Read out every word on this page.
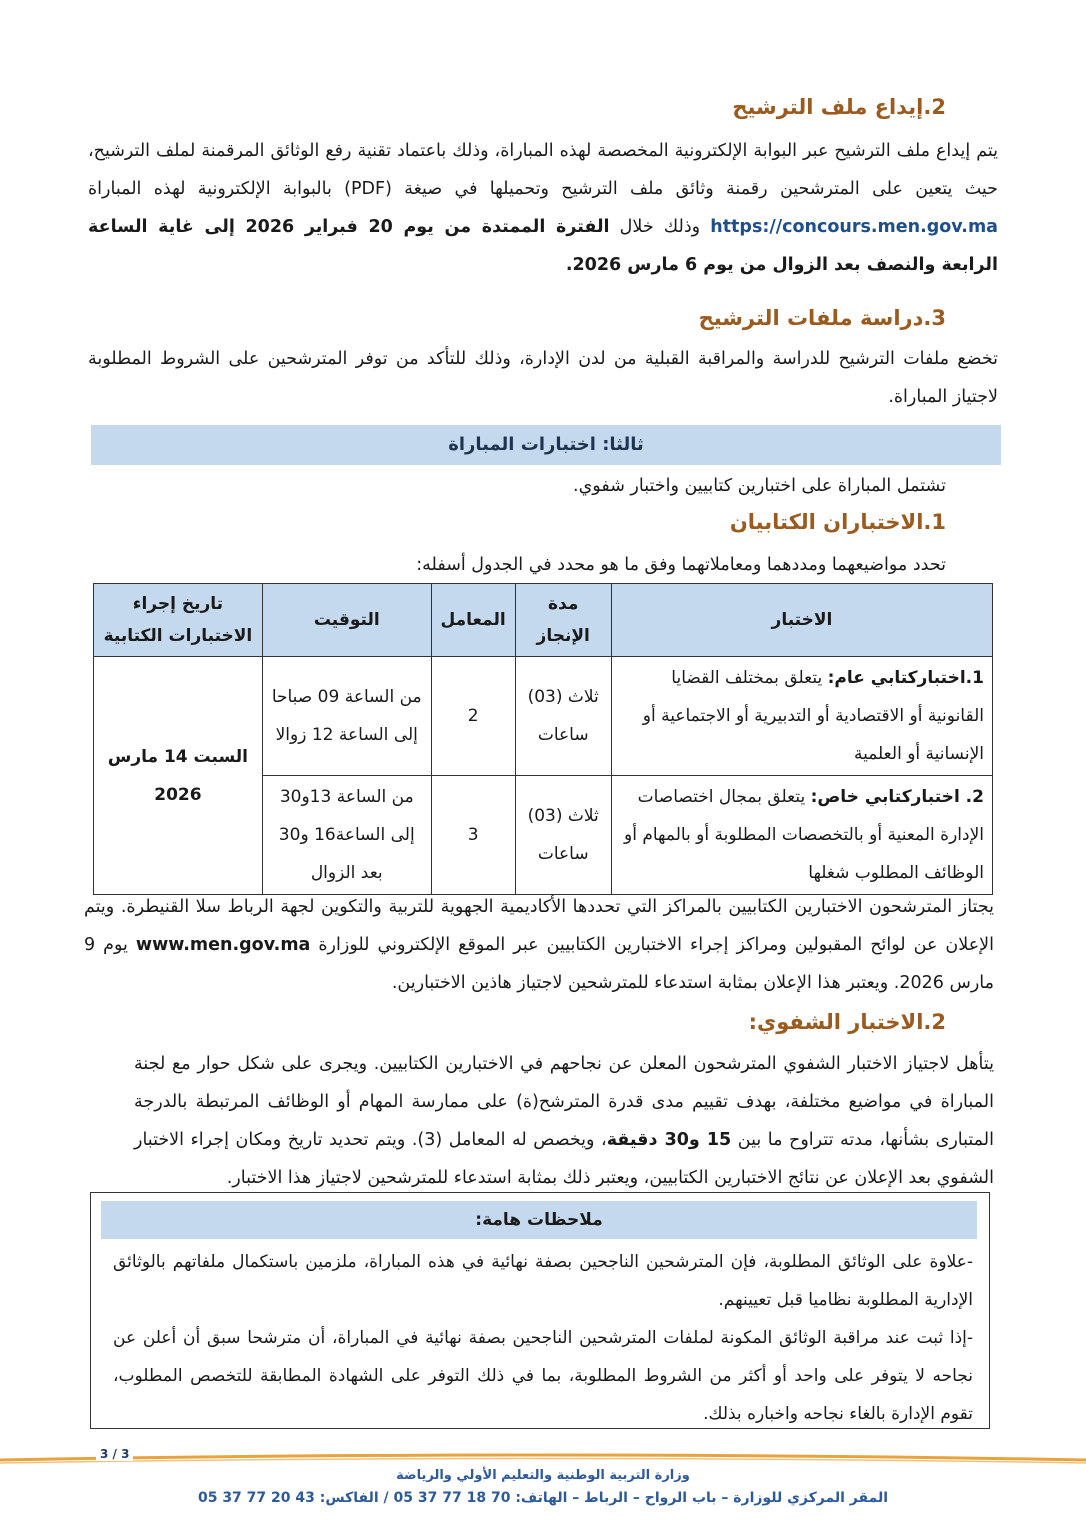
2.إيداع ملف الترشيح
يتم إيداع ملف الترشيح عبر البوابة الإلكترونية المخصصة لهذه المباراة، وذلك باعتماد تقنية رفع الوثائق المرقمنة لملف الترشيح، حيث يتعين على المترشحين رقمنة وثائق ملف الترشيح وتحميلها في صيغة (PDF) بالبوابة الإلكترونية لهذه المباراة https://concours.men.gov.ma وذلك خلال الفترة الممتدة من يوم 20 فبراير 2026 إلى غاية الساعة الرابعة والنصف بعد الزوال من يوم 6 مارس 2026.
3.دراسة ملفات الترشيح
تخضع ملفات الترشيح للدراسة والمراقبة القبلية من لدن الإدارة، وذلك للتأكد من توفر المترشحين على الشروط المطلوبة لاجتياز المباراة.
ثالثا: اختبارات المباراة
تشتمل المباراة على اختبارين كتابيين واختبار شفوي.
1.الاختباران الكتابيان
تحدد مواضيعهما ومددهما ومعاملاتهما وفق ما هو محدد في الجدول أسفله:
الاختبار	مدة الإنجاز	المعامل	التوقيت	تاريخ إجراء الاختبارات الكتابية
1.اختباركتابي عام: يتعلق بمختلف القضايا القانونية أو الاقتصادية أو التدبيرية أو الاجتماعية أو الإنسانية أو العلمية	ثلاث (03) ساعات	2	من الساعة 09 صباحا إلى الساعة 12 زوالا	السبت 14 مارس 2026
2. اختباركتابي خاص: يتعلق بمجال اختصاصات الإدارة المعنية أو بالتخصصات المطلوبة أو بالمهام أو الوظائف المطلوب شغلها	ثلاث (03) ساعات	3	من الساعة 13و30 إلى الساعة16 و30 بعد الزوال	
يجتاز المترشحون الاختبارين الكتابيين بالمراكز التي تحددها الأكاديمية الجهوية للتربية والتكوين لجهة الرباط سلا القنيطرة. ويتم الإعلان عن لوائح المقبولين ومراكز إجراء الاختبارين الكتابيين عبر الموقع الإلكتروني للوزارة www.men.gov.ma يوم 9 مارس 2026. ويعتبر هذا الإعلان بمثابة استدعاء للمترشحين لاجتياز هاذين الاختبارين.
2.الاختبار الشفوي:
يتأهل لاجتياز الاختبار الشفوي المترشحون المعلن عن نجاحهم في الاختبارين الكتابيين. ويجرى على شكل حوار مع لجنة المباراة في مواضيع مختلفة، بهدف تقييم مدى قدرة المترشح(ة) على ممارسة المهام أو الوظائف المرتبطة بالدرجة المتبارى بشأنها، مدته تتراوح ما بين 15 و30 دقيقة، ويخصص له المعامل (3). ويتم تحديد تاريخ ومكان إجراء الاختبار الشفوي بعد الإعلان عن نتائج الاختبارين الكتابيين، ويعتبر ذلك بمثابة استدعاء للمترشحين لاجتياز هذا الاختبار.
ملاحظات هامة:
-علاوة على الوثائق المطلوبة، فإن المترشحين الناجحين بصفة نهائية في هذه المباراة، ملزمين باستكمال ملفاتهم بالوثائق الإدارية المطلوبة نظاميا قبل تعيينهم.
-إذا ثبت عند مراقبة الوثائق المكونة لملفات المترشحين الناجحين بصفة نهائية في المباراة، أن مترشحا سبق أن أعلن عن نجاحه لا يتوفر على واحد أو أكثر من الشروط المطلوبة، بما في ذلك التوفر على الشهادة المطابقة للتخصص المطلوب، تقوم الإدارة بالغاء نجاحه واخباره بذلك.
3 / 3
وزارة التربية الوطنية والتعليم الأولي والرياضة
المقر المركزي للوزارة – باب الرواح – الرباط – الهاتف: 70 18 77 37 05 / الفاكس: 43 20 77 37 05
